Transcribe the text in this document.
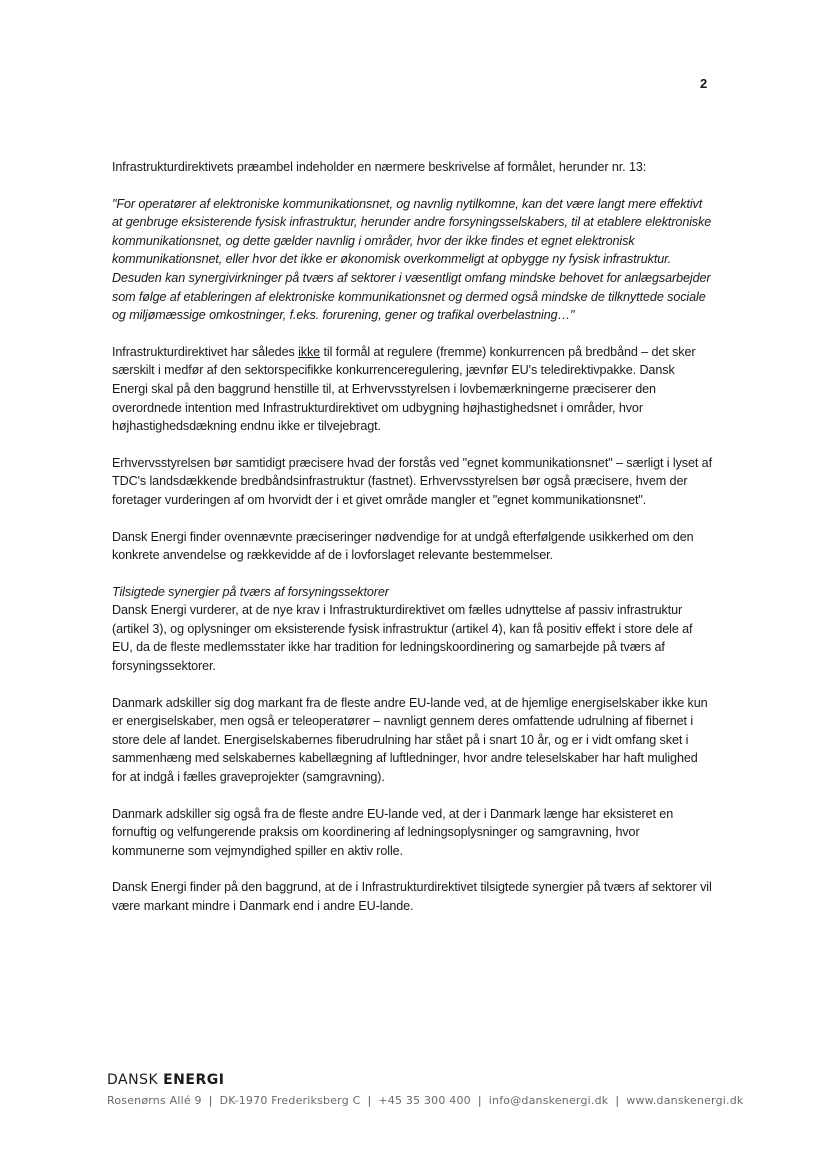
2

Infrastrukturdirektivets præambel indeholder en nærmere beskrivelse af formålet, herunder nr. 13:

"For operatører af elektroniske kommunikationsnet, og navnlig nytilkomne, kan det være langt mere effektivt at genbruge eksisterende fysisk infrastruktur, herunder andre forsyningsselskabers, til at etablere elektroniske kommunikationsnet, og dette gælder navnlig i områder, hvor der ikke findes et egnet elektronisk kommunikationsnet, eller hvor det ikke er økonomisk overkommeligt at opbygge ny fysisk infrastruktur. Desuden kan synergivirkninger på tværs af sektorer i væsentligt omfang mindske behovet for anlægsarbejder som følge af etableringen af elektroniske kommunikationsnet og dermed også mindske de tilknyttede sociale og miljømæssige omkostninger, f.eks. forurening, gener og trafikal overbelastning…"

Infrastrukturdirektivet har således ikke til formål at regulere (fremme) konkurrencen på bredbånd – det sker særskilt i medfør af den sektorspecifikke konkurrenceregulering, jævnfør EU's teledirektivpakke. Dansk Energi skal på den baggrund henstille til, at Erhvervsstyrelsen i lovbemærkningerne præciserer den overordnede intention med Infrastrukturdirektivet om udbygning højhastighedsnet i områder, hvor højhastighedsdækning endnu ikke er tilvejebragt.

Erhvervsstyrelsen bør samtidigt præcisere hvad der forstås ved "egnet kommunikationsnet" – særligt i lyset af TDC's landsdækkende bredbåndsinfrastruktur (fastnet). Erhvervsstyrelsen bør også præcisere, hvem der foretager vurderingen af om hvorvidt der i et givet område mangler et "egnet kommunikationsnet".

Dansk Energi finder ovennævnte præciseringer nødvendige for at undgå efterfølgende usikkerhed om den konkrete anvendelse og rækkevidde af de i lovforslaget relevante bestemmelser.

Tilsigtede synergier på tværs af forsyningssektorer
Dansk Energi vurderer, at de nye krav i Infrastrukturdirektivet om fælles udnyttelse af passiv infrastruktur (artikel 3), og oplysninger om eksisterende fysisk infrastruktur (artikel 4), kan få positiv effekt i store dele af EU, da de fleste medlemsstater ikke har tradition for ledningskoordinering og samarbejde på tværs af forsyningssektorer.

Danmark adskiller sig dog markant fra de fleste andre EU-lande ved, at de hjemlige energiselskaber ikke kun er energiselskaber, men også er teleoperatører – navnligt gennem deres omfattende udrulning af fibernet i store dele af landet. Energiselskabernes fiberudrulning har stået på i snart 10 år, og er i vidt omfang sket i sammenhæng med selskabernes kabellægning af luftledninger, hvor andre teleselskaber har haft mulighed for at indgå i fælles graveprojekter (samgravning).

Danmark adskiller sig også fra de fleste andre EU-lande ved, at der i Danmark længe har eksisteret en fornuftig og velfungerende praksis om koordinering af ledningsoplysninger og samgravning, hvor kommunerne som vejmyndighed spiller en aktiv rolle.

Dansk Energi finder på den baggrund, at de i Infrastrukturdirektivet tilsigtede synergier på tværs af sektorer vil være markant mindre i Danmark end i andre EU-lande.

DANSK ENERGI
Rosenørns Allé 9 | DK-1970 Frederiksberg C | +45 35 300 400 | info@danskenergi.dk | www.danskenergi.dk
